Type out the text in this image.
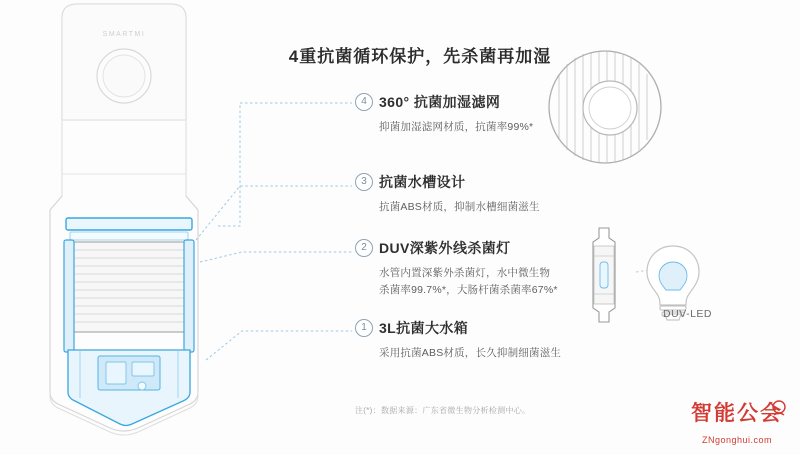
4重抗菌循环保护，先杀菌再加湿
SMARTMI
4 360° 抗菌加湿滤网
抑菌加湿滤网材质，抗菌率99%*
3 抗菌水槽设计
抗菌ABS材质，抑制水槽细菌滋生
2 DUV深紫外线杀菌灯
水管内置深紫外杀菌灯，水中微生物
杀菌率99.7%*，大肠杆菌杀菌率67%*
1 3L抗菌大水箱
采用抗菌ABS材质，长久抑制细菌滋生
DUV-LED
注(*)：数据来源：广东省微生物分析检测中心。	智能公会
ZNgonghui.com
